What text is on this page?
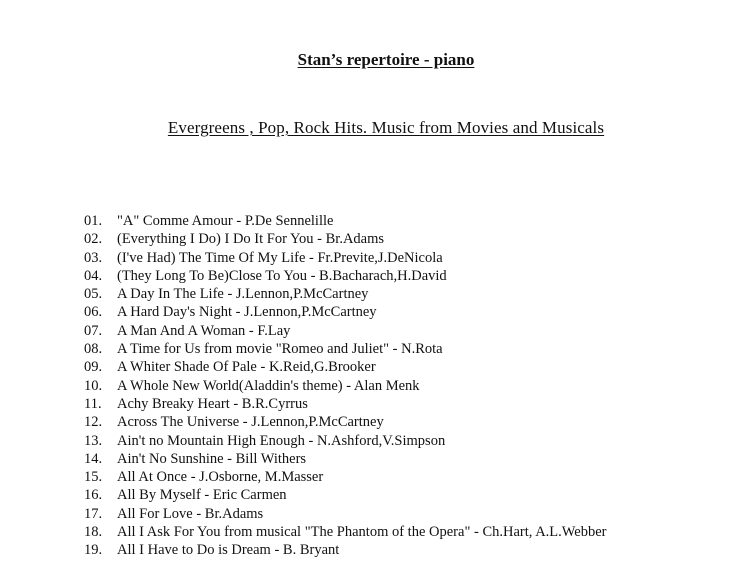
Stan’s repertoire - piano
Evergreens , Pop, Rock Hits. Music from Movies and Musicals
01.	"A" Comme Amour - P.De Sennelille
02.	(Everything I Do) I Do It For You - Br.Adams
03.	(I've Had) The Time Of My Life - Fr.Previte,J.DeNicola
04.	(They Long To Be)Close To You - B.Bacharach,H.David
05.	A Day In The Life - J.Lennon,P.McCartney
06.	A Hard Day's Night - J.Lennon,P.McCartney
07.	A Man And A Woman - F.Lay
08.	A Time for Us from movie "Romeo and Juliet" - N.Rota
09.	A Whiter Shade Of Pale - K.Reid,G.Brooker
10.	A Whole New World(Aladdin's theme) - Alan Menk
11.	Achy Breaky Heart - B.R.Cyrrus
12.	Across The Universe - J.Lennon,P.McCartney
13.	Ain't no Mountain High Enough - N.Ashford,V.Simpson
14.	Ain't No Sunshine - Bill Withers
15.	All At Once - J.Osborne, M.Masser
16.	All By Myself - Eric Carmen
17.	All For Love - Br.Adams
18.	All I Ask For You from musical "The Phantom of the Opera" - Ch.Hart, A.L.Webber
19.	All I Have to Do is Dream - B. Bryant
